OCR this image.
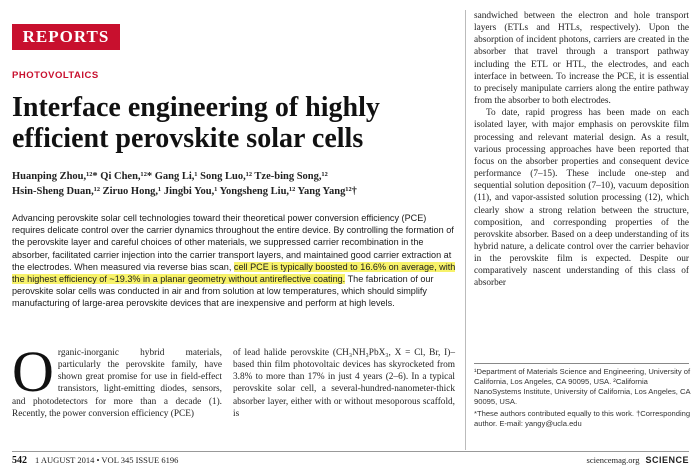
REPORTS
PHOTOVOLTAICS
Interface engineering of highly efficient perovskite solar cells
Huanping Zhou,¹²* Qi Chen,¹²* Gang Li,¹ Song Luo,¹² Tze-bing Song,¹²
Hsin-Sheng Duan,¹² Ziruo Hong,¹ Jingbi You,¹ Yongsheng Liu,¹² Yang Yang¹²†
Advancing perovskite solar cell technologies toward their theoretical power conversion efficiency (PCE) requires delicate control over the carrier dynamics throughout the entire device. By controlling the formation of the perovskite layer and careful choices of other materials, we suppressed carrier recombination in the absorber, facilitated carrier injection into the carrier transport layers, and maintained good carrier extraction at the electrodes. When measured via reverse bias scan, cell PCE is typically boosted to 16.6% on average, with the highest efficiency of ~19.3% in a planar geometry without antireflective coating. The fabrication of our perovskite solar cells was conducted in air and from solution at low temperatures, which should simplify manufacturing of large-area perovskite devices that are inexpensive and perform at high levels.
Organic-inorganic hybrid materials, particularly the perovskite family, have shown great promise for use in field-effect transistors, light-emitting diodes, sensors, and photodetectors for more than a decade (1). Recently, the power conversion efficiency (PCE)
of lead halide perovskite (CH₃NH₃PbX₃, X = Cl, Br, I)–based thin film photovoltaic devices has skyrocketed from 3.8% to more than 17% in just 4 years (2–6). In a typical perovskite solar cell, a several-hundred-nanometer-thick absorber layer, either with or without mesoporous scaffold, is

sandwiched between the electron and hole transport layers (ETLs and HTLs, respectively). Upon the absorption of incident photons, carriers are created in the absorber that travel through a transport pathway including the ETL or HTL, the electrodes, and each interface in between. To increase the PCE, it is essential to precisely manipulate carriers along the entire pathway from the absorber to both electrodes.

To date, rapid progress has been made on each isolated layer, with major emphasis on perovskite film processing and relevant material design. As a result, various processing approaches have been reported that focus on the absorber properties and consequent device performance (7–15). These include one-step and sequential solution deposition (7–10), vacuum deposition (11), and vapor-assisted solution processing (12), which clearly show a strong relation between the structure, composition, and corresponding properties of the perovskite absorber. Based on a deep understanding of its hybrid nature, a delicate control over the carrier behavior in the perovskite film is expected. Despite our comparatively nascent understanding of this class of absorber

¹Department of Materials Science and Engineering, University of California, Los Angeles, CA 90095, USA. ²California NanoSystems Institute, University of California, Los Angeles, CA 90095, USA.

*These authors contributed equally to this work. †Corresponding author. E-mail: yangy@ucla.edu

542 1 AUGUST 2014 • VOL 345 ISSUE 6196	sciencemag.org SCIENCE
